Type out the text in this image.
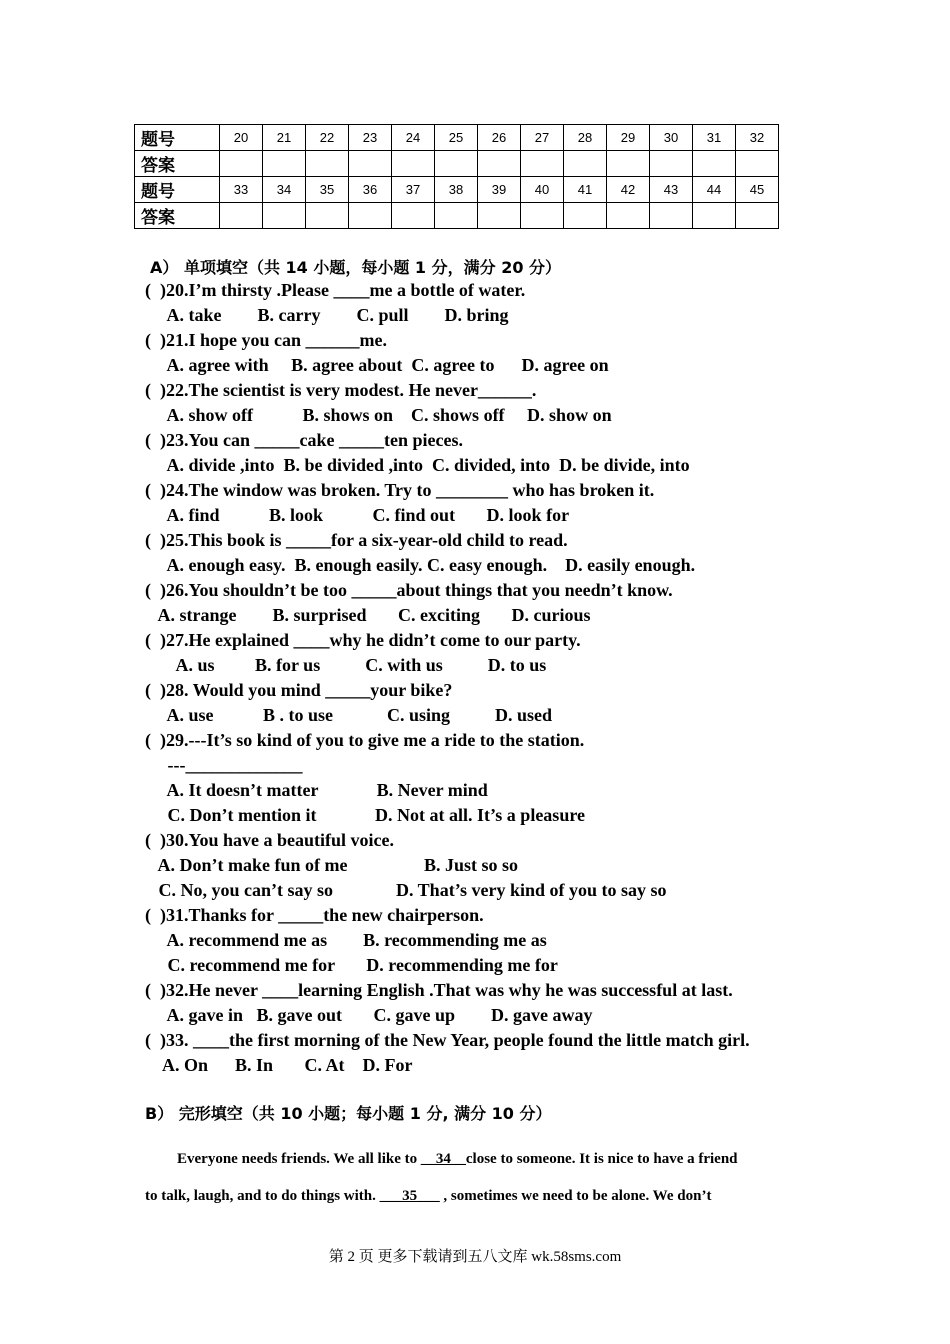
题号	20	21	22	23	24	25	26	27	28	29	30	31	32
答案													
题号	33	34	35	36	37	38	39	40	41	42	43	44	45
答案													
A） 单项填空（共 14 小题，每小题 1 分，满分 20 分）
(  )20.I’m thirsty .Please ____me a bottle of water.
A. take        B. carry        C. pull        D. bring
(  )21.I hope you can ______me.
A. agree with     B. agree about  C. agree to      D. agree on
(  )22.The scientist is very modest. He never______.
A. show off           B. shows on    C. shows off     D. show on
(  )23.You can _____cake _____ten pieces.
A. divide ,into  B. be divided ,into  C. divided, into  D. be divide, into
(  )24.The window was broken. Try to ________ who has broken it.
A. find           B. look           C. find out       D. look for
(  )25.This book is _____for a six-year-old child to read.
A. enough easy.  B. enough easily. C. easy enough.    D. easily enough.
(  )26.You shouldn’t be too _____about things that you needn’t know.
A. strange        B. surprised       C. exciting       D. curious
(  )27.He explained ____why he didn’t come to our party.
A. us         B. for us          C. with us          D. to us
(  )28. Would you mind _____your bike?
A. use           B . to use            C. using          D. used
(  )29.---It’s so kind of you to give me a ride to the station.
---_____________
A. It doesn’t matter             B. Never mind
C. Don’t mention it             D. Not at all. It’s a pleasure
(  )30.You have a beautiful voice.
A. Don’t make fun of me                 B. Just so so
C. No, you can’t say so              D. That’s very kind of you to say so
(  )31.Thanks for _____the new chairperson.
A. recommend me as        B. recommending me as
C. recommend me for       D. recommending me for
(  )32.He never ____learning English .That was why he was successful at last.
A. gave in   B. gave out       C. gave up        D. gave away
(  )33. ____the first morning of the New Year, people found the little match girl.
A. On      B. In       C. At    D. For
B） 完形填空（共 10 小题；每小题 1 分, 满分 10 分）
Everyone needs friends. We all like to __34__close to someone. It is nice to have a friend
to talk, laugh, and to do things with. ___35___ , sometimes we need to be alone. We don’t
第 2 页 更多下载请到五八文库 wk.58sms.com
